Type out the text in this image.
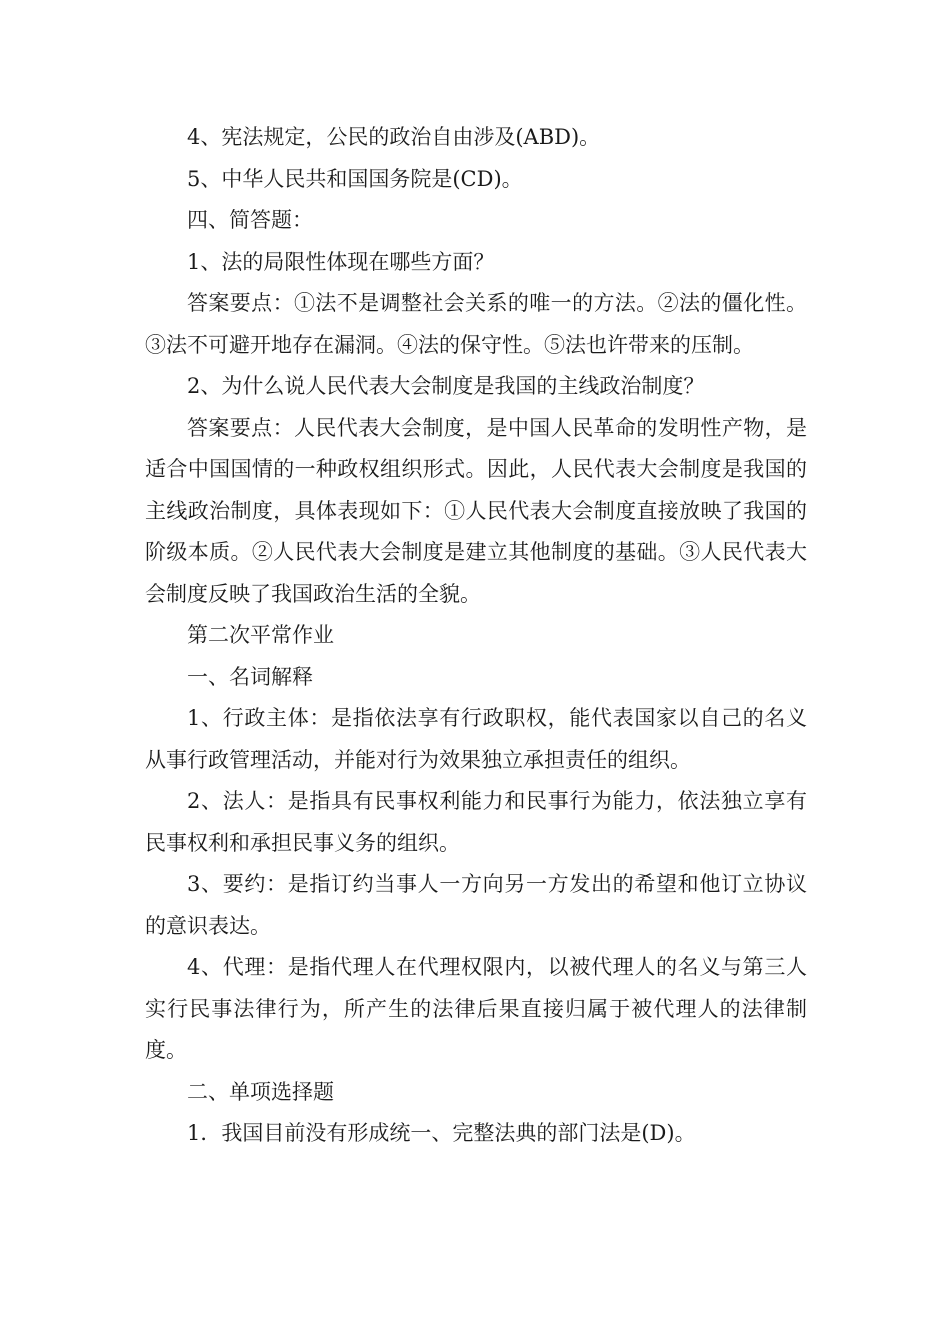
4、宪法规定，公民的政治自由涉及(ABD)。

5、中华人民共和国国务院是(CD)。

四、简答题：

1、法的局限性体现在哪些方面？

答案要点：①法不是调整社会关系的唯一的方法。②法的僵化性。③法不可避开地存在漏洞。④法的保守性。⑤法也许带来的压制。

2、为什么说人民代表大会制度是我国的主线政治制度？

答案要点：人民代表大会制度，是中国人民革命的发明性产物，是适合中国国情的一种政权组织形式。因此，人民代表大会制度是我国的主线政治制度，具体表现如下：①人民代表大会制度直接放映了我国的阶级本质。②人民代表大会制度是建立其他制度的基础。③人民代表大会制度反映了我国政治生活的全貌。

第二次平常作业

一、名词解释

1、行政主体：是指依法享有行政职权，能代表国家以自己的名义从事行政管理活动，并能对行为效果独立承担责任的组织。

2、法人：是指具有民事权利能力和民事行为能力，依法独立享有民事权利和承担民事义务的组织。

3、要约：是指订约当事人一方向另一方发出的希望和他订立协议的意识表达。

4、代理：是指代理人在代理权限内，以被代理人的名义与第三人实行民事法律行为，所产生的法律后果直接归属于被代理人的法律制度。

二、单项选择题

1．我国目前没有形成统一、完整法典的部门法是(D)。
